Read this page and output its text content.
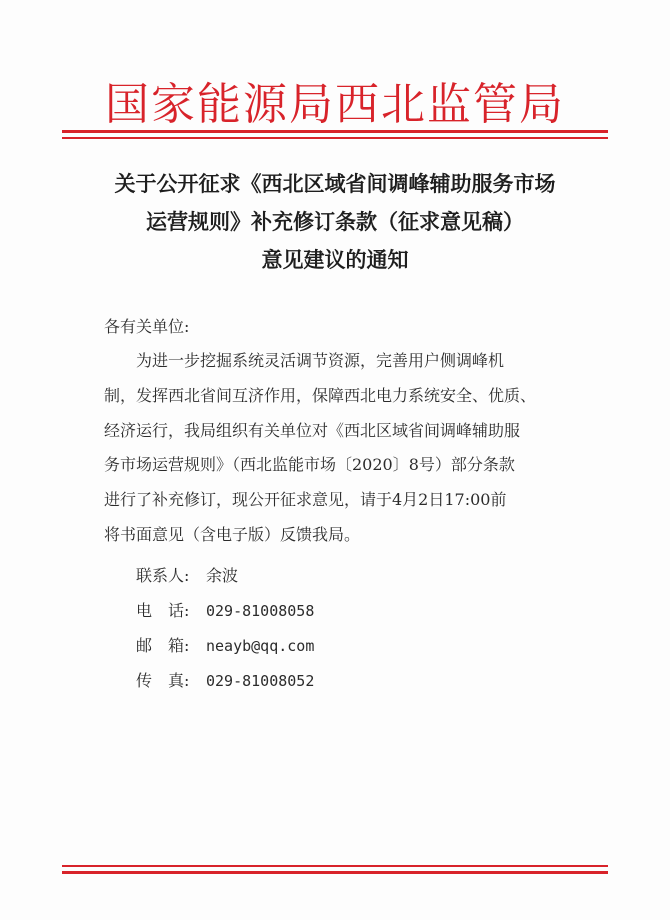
国家能源局西北监管局
关于公开征求《西北区域省间调峰辅助服务市场
运营规则》补充修订条款（征求意见稿）
意见建议的通知
各有关单位:
为进一步挖掘系统灵活调节资源，完善用户侧调峰机
制，发挥西北省间互济作用，保障西北电力系统安全、优质、
经济运行，我局组织有关单位对《西北区域省间调峰辅助服
务市场运营规则》（西北监能市场〔2020〕8号）部分条款
进行了补充修订，现公开征求意见，请于4月2日17:00前
将书面意见（含电子版）反馈我局。
联系人: 余波
电　话: 029-81008058
邮　箱: neayb@qq.com
传　真: 029-81008052
